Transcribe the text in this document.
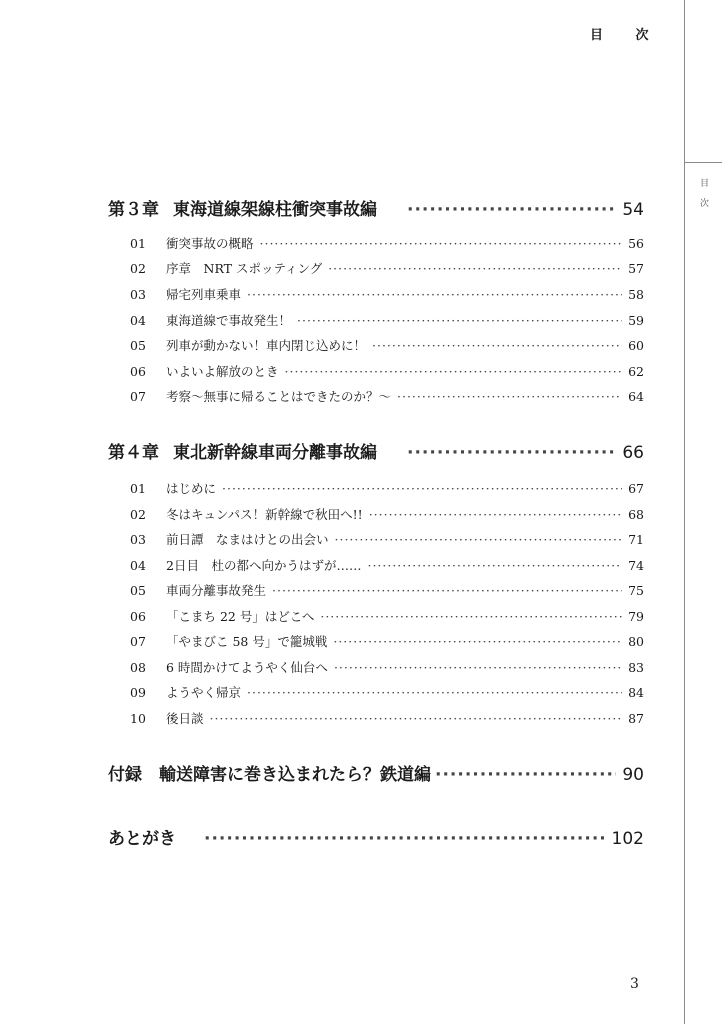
目 次
目 次
第３章 東海道線架線柱衝突事故編 ·····	54
01	衝突事故の概略 ·····	56
02	序章　NRT スポッティング ·····	57
03	帰宅列車乗車 ·····	58
04	東海道線で事故発生！ ·····	59
05	列車が動かない！車内閉じ込めに！ ·····	60
06	いよいよ解放のとき ·····	62
07	考察〜無事に帰ることはできたのか？〜 ·····	64
第４章 東北新幹線車両分離事故編 ·····	66
01	はじめに ·····	67
02	冬はキュンパス！新幹線で秋田へ!! ·····	68
03	前日譚　なまはけとの出会い ·····	71
04	2日目　杜の都へ向かうはずが…… ·····	74
05	車両分離事故発生 ·····	75
06	「こまち 22 号」はどこへ ·····	79
07	「やまびこ 58 号」で籠城戦 ·····	80
08	6 時間かけてようやく仙台へ ·····	83
09	ようやく帰京 ·····	84
10	後日談 ·····	87
付録　輸送障害に巻き込まれたら？鉄道編 ·····	90
あとがき ·····	102
3
